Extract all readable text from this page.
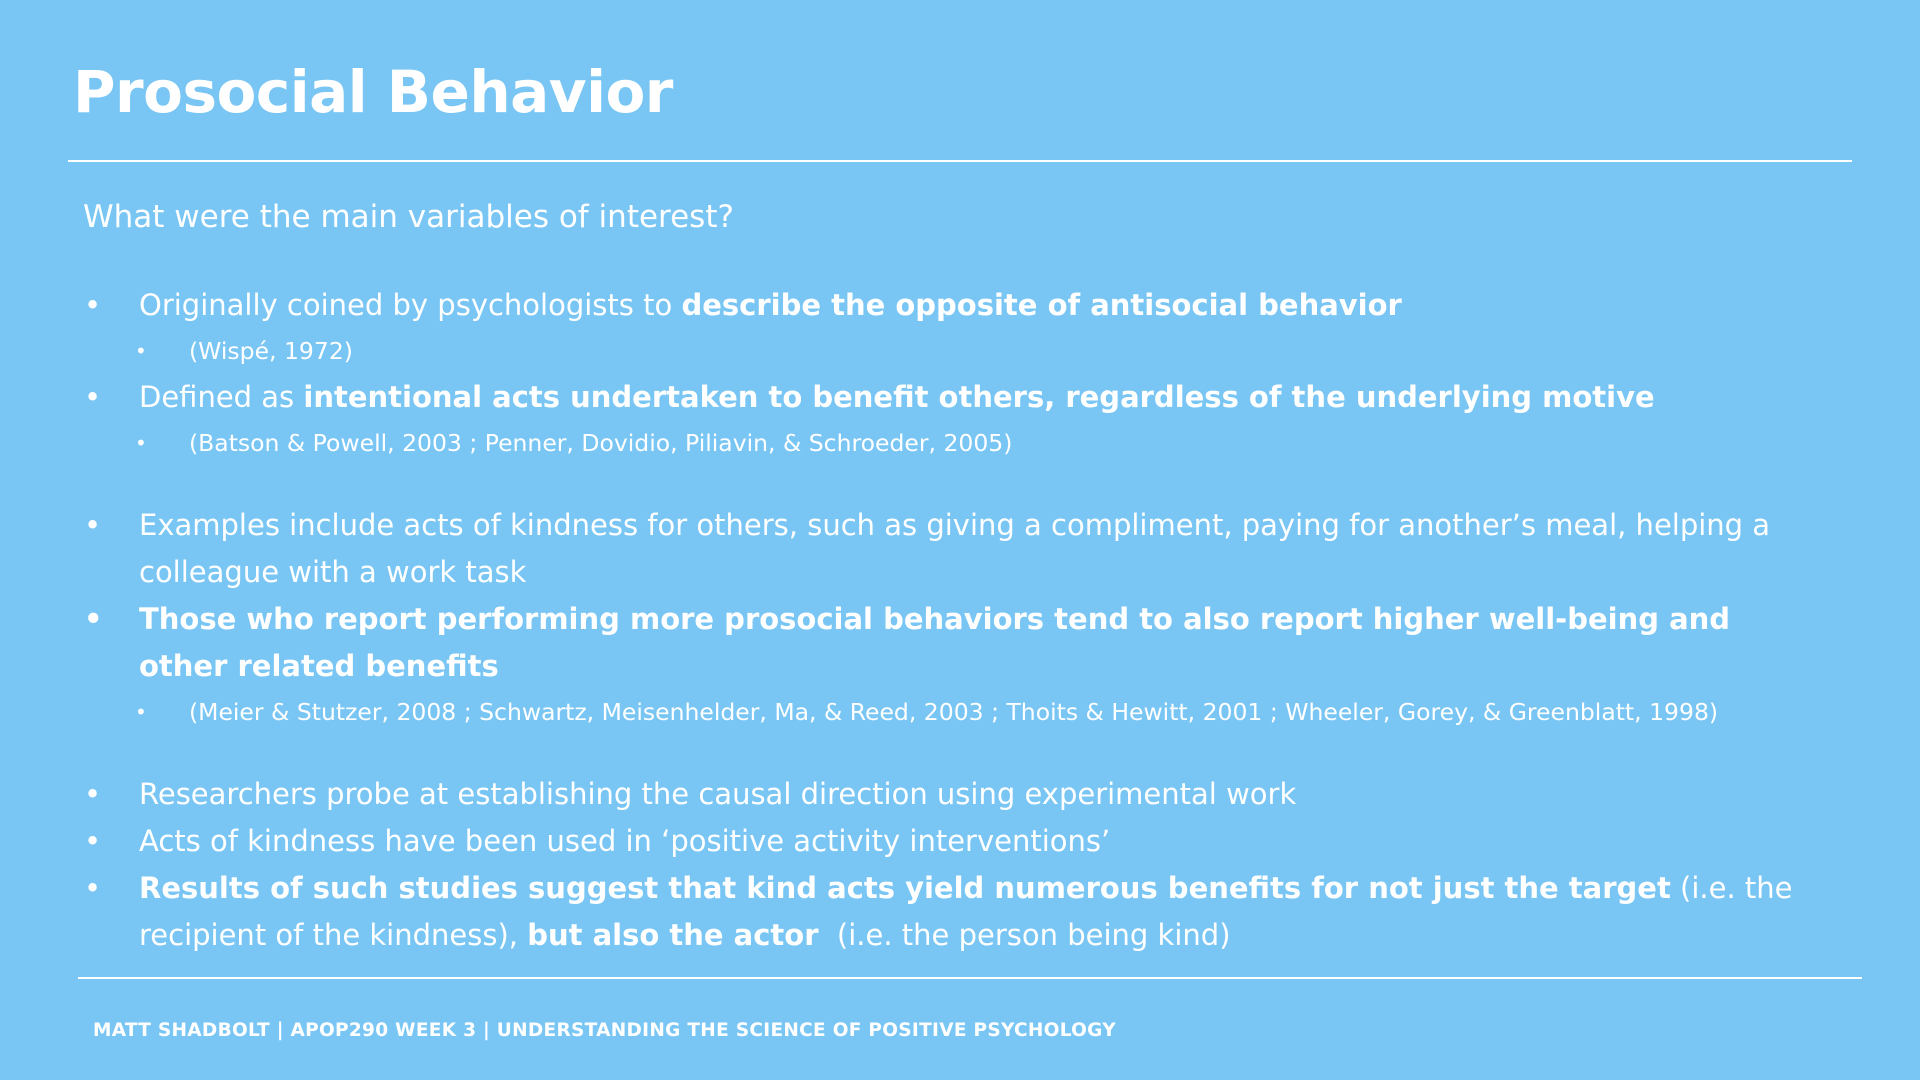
Prosocial Behavior
What were the main variables of interest?
• Originally coined by psychologists to describe the opposite of antisocial behavior
• (Wispé, 1972)
• Defined as intentional acts undertaken to benefit others, regardless of the underlying motive
• (Batson & Powell, 2003 ; Penner, Dovidio, Piliavin, & Schroeder, 2005)
• Examples include acts of kindness for others, such as giving a compliment, paying for another’s meal, helping a colleague with a work task
• Those who report performing more prosocial behaviors tend to also report higher well-being and other related benefits
• (Meier & Stutzer, 2008 ; Schwartz, Meisenhelder, Ma, & Reed, 2003 ; Thoits & Hewitt, 2001 ; Wheeler, Gorey, & Greenblatt, 1998)
• Researchers probe at establishing the causal direction using experimental work
• Acts of kindness have been used in ‘positive activity interventions’
• Results of such studies suggest that kind acts yield numerous benefits for not just the target (i.e. the recipient of the kindness), but also the actor  (i.e. the person being kind)
MATT SHADBOLT | APOP290 WEEK 3 | UNDERSTANDING THE SCIENCE OF POSITIVE PSYCHOLOGY
